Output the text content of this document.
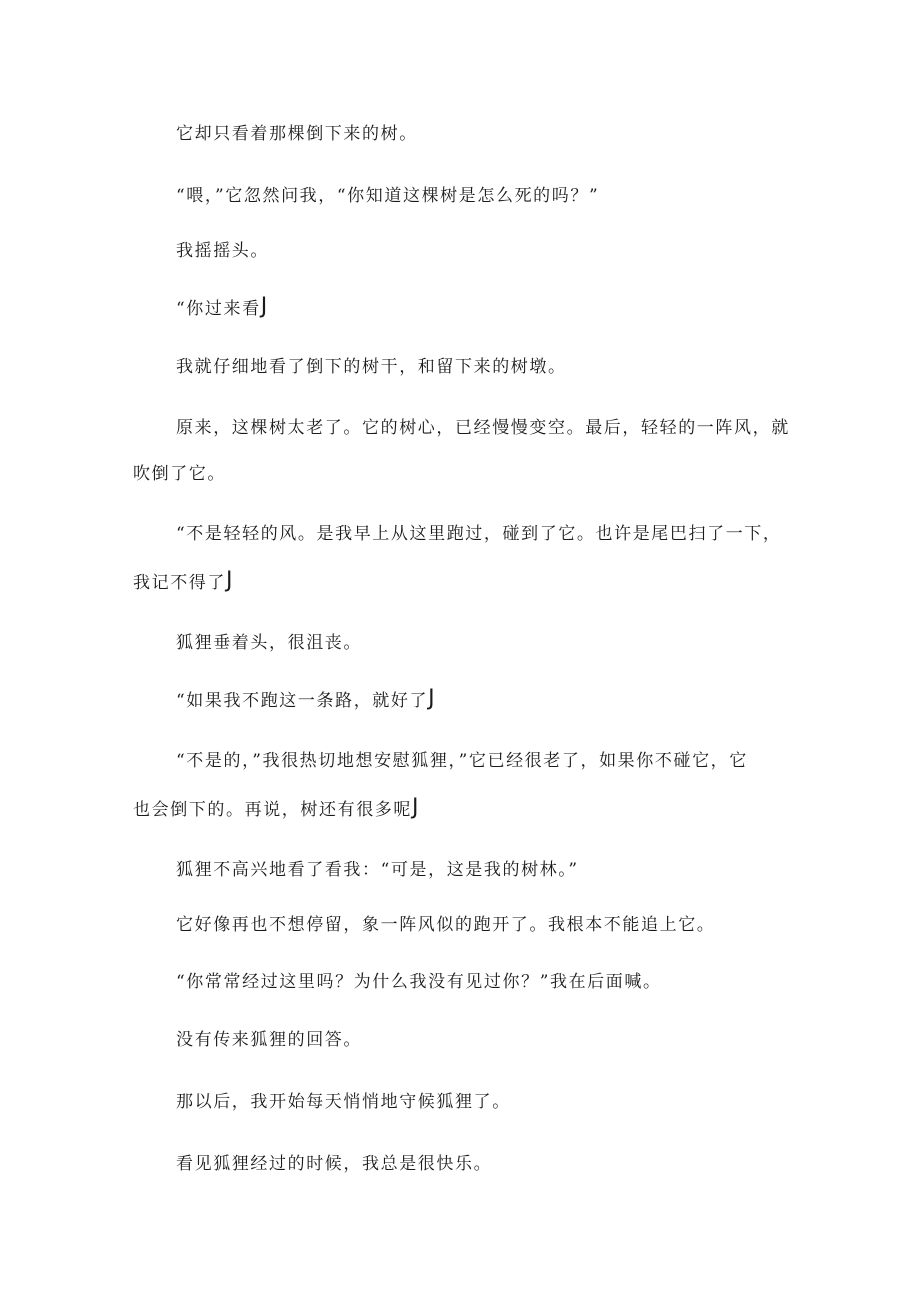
它却只看着那棵倒下来的树。
“喂，”它忽然问我，“你知道这棵树是怎么死的吗？”
我摇摇头。
“你过来看J
我就仔细地看了倒下的树干，和留下来的树墩。
原来，这棵树太老了。它的树心，已经慢慢变空。最后，轻轻的一阵风，就
吹倒了它。
“不是轻轻的风。是我早上从这里跑过，碰到了它。也许是尾巴扫了一下，
我记不得了J
狐狸垂着头，很沮丧。
“如果我不跑这一条路，就好了J
“不是的，”我很热切地想安慰狐狸，”它已经很老了，如果你不碰它，它
也会倒下的。再说，树还有很多呢J
狐狸不高兴地看了看我：“可是，这是我的树林。”
它好像再也不想停留，象一阵风似的跑开了。我根本不能追上它。
“你常常经过这里吗？为什么我没有见过你？”我在后面喊。
没有传来狐狸的回答。
那以后，我开始每天悄悄地守候狐狸了。
看见狐狸经过的时候，我总是很快乐。
